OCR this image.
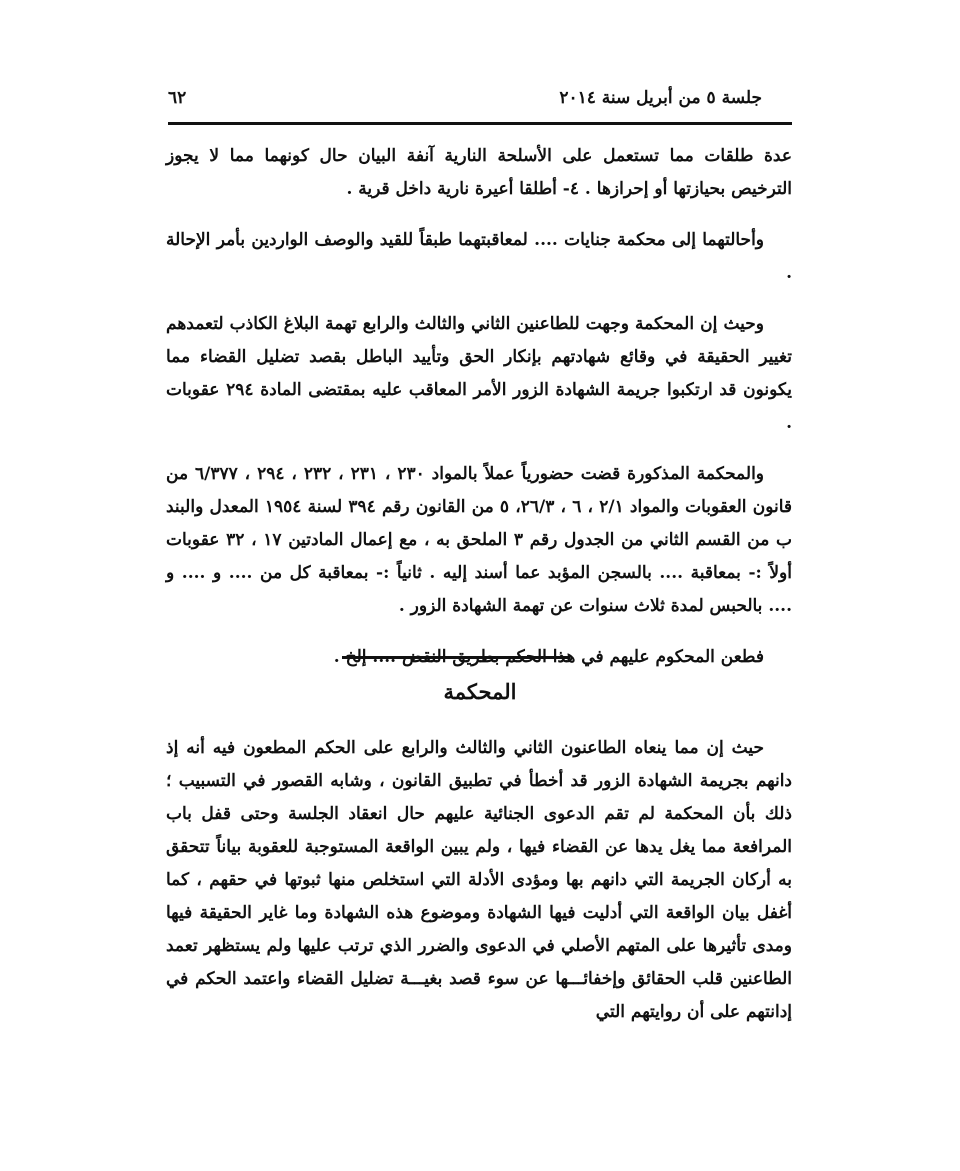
٦٢	جلسة ٥ من أبريل سنة ٢٠١٤

عدة طلقات مما تستعمل على الأسلحة النارية آنفة البيان حال كونهما مما لا يجوز الترخيص بحيازتها أو إحرازها . ٤- أطلقا أعيرة نارية داخل قرية .

وأحالتهما إلى محكمة جنايات .... لمعاقبتهما طبقاً للقيد والوصف الواردين بأمر الإحالة .

وحيث إن المحكمة وجهت للطاعنين الثاني والثالث والرابع تهمة البلاغ الكاذب لتعمدهم تغيير الحقيقة في وقائع شهادتهم بإنكار الحق وتأييد الباطل بقصد تضليل القضاء مما يكونون قد ارتكبوا جريمة الشهادة الزور الأمر المعاقب عليه بمقتضى المادة ٢٩٤ عقوبات .

والمحكمة المذكورة قضت حضورياً عملاً بالمواد ٢٣٠ ، ٢٣١ ، ٢٣٢ ، ٢٩٤ ، ٦/٣٧٧ من قانون العقوبات والمواد ٢/١ ، ٦ ، ٢٦/٣، ٥ من القانون رقم ٣٩٤ لسنة ١٩٥٤ المعدل والبند ب من القسم الثاني من الجدول رقم ٣ الملحق به ، مع إعمال المادتين ١٧ ، ٣٢ عقوبات أولاً :- بمعاقبة .... بالسجن المؤبد عما أسند إليه . ثانياً :- بمعاقبة كل من .... و .... و .... بالحبس لمدة ثلاث سنوات عن تهمة الشهادة الزور .

فطعن المحكوم عليهم في هذا الحكم بطريق النقض .... إلخ .

المحكمة

حيث إن مما ينعاه الطاعنون الثاني والثالث والرابع على الحكم المطعون فيه أنه إذ دانهم بجريمة الشهادة الزور قد أخطأ في تطبيق القانون ، وشابه القصور في التسبيب ؛ ذلك بأن المحكمة لم تقم الدعوى الجنائية عليهم حال انعقاد الجلسة وحتى قفل باب المرافعة مما يغل يدها عن القضاء فيها ، ولم يبين الواقعة المستوجبة للعقوبة بياناً تتحقق به أركان الجريمة التي دانهم بها ومؤدى الأدلة التي استخلص منها ثبوتها في حقهم ، كما أغفل بيان الواقعة التي أدليت فيها الشهادة وموضوع هذه الشهادة وما غاير الحقيقة فيها ومدى تأثيرها على المتهم الأصلي في الدعوى والضرر الذي ترتب عليها ولم يستظهر تعمد الطاعنين قلب الحقائق وإخفائـــها عن سوء قصد بغيـــة تضليل القضاء واعتمد الحكم في إدانتهم على أن روايتهم التي
